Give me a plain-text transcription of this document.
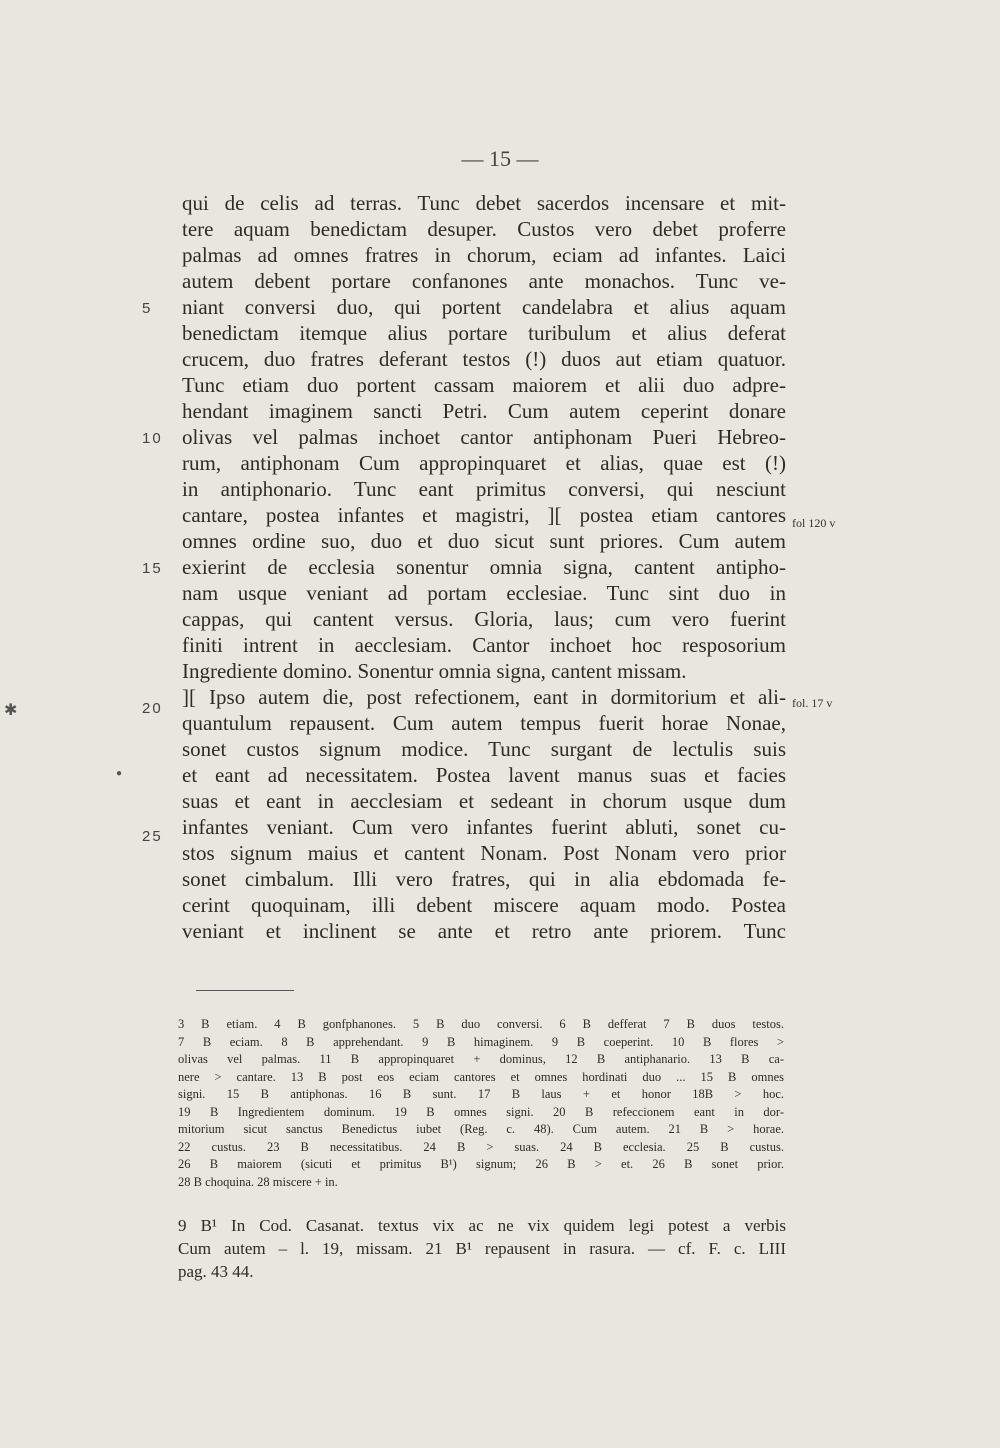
— 15 —
qui de celis ad terras. Tunc debet sacerdos incensare et mit-
tere aquam benedictam desuper. Custos vero debet proferre
palmas ad omnes fratres in chorum, eciam ad infantes. Laici
autem debent portare confanones ante monachos. Tunc ve-
niant conversi duo, qui portent candelabra et alius aquam
benedictam itemque alius portare turibulum et alius deferat
crucem, duo fratres deferant testos (!) duos aut etiam quatuor.
Tunc etiam duo portent cassam maiorem et alii duo adpre-
hendant imaginem sancti Petri. Cum autem ceperint donare
olivas vel palmas inchoet cantor antiphonam Pueri Hebreo-
rum, antiphonam Cum appropinquaret et alias, quae est (!)
in antiphonario. Tunc eant primitus conversi, qui nesciunt
cantare, postea infantes et magistri, ][ postea etiam cantores
omnes ordine suo, duo et duo sicut sunt priores. Cum autem
exierint de ecclesia sonentur omnia signa, cantent antipho-
nam usque veniant ad portam ecclesiae. Tunc sint duo in
cappas, qui cantent versus. Gloria, laus; cum vero fuerint
finiti intrent in aecclesiam. Cantor inchoet hoc resposorium
Ingrediente domino. Sonentur omnia signa, cantent missam.
][ Ipso autem die, post refectionem, eant in dormitorium et ali-
quantulum repausent. Cum autem tempus fuerit horae Nonae,
sonet custos signum modice. Tunc surgant de lectulis suis
et eant ad necessitatem. Postea lavent manus suas et facies
suas et eant in aecclesiam et sedeant in chorum usque dum
infantes veniant. Cum vero infantes fuerint abluti, sonet cu-
stos signum maius et cantent Nonam. Post Nonam vero prior
sonet cimbalum. Illi vero fratres, qui in alia ebdomada fe-
cerint quoquinam, illi debent miscere aquam modo. Postea
veniant et inclinent se ante et retro ante priorem. Tunc
5
10
15
20
25
fol 120 v
fol. 17 v
✱
●
3 B etiam. 4 B gonfphanones. 5 B duo conversi. 6 B defferat 7 B duos testos.
7 B eciam. 8 B apprehendant. 9 B himaginem. 9 B coeperint. 10 B flores >
olivas vel palmas. 11 B appropinquaret + dominus, 12 B antiphanario. 13 B ca-
nere > cantare. 13 B post eos eciam cantores et omnes hordinati duo ... 15 B omnes
signi. 15 B antiphonas. 16 B sunt. 17 B laus + et honor 18B > hoc.
19 B Ingredientem dominum. 19 B omnes signi. 20 B refeccionem eant in dor-
mitorium sicut sanctus Benedictus iubet (Reg. c. 48). Cum autem. 21 B > horae.
22 custus. 23 B necessitatibus. 24 B > suas. 24 B ecclesia. 25 B custus.
26 B maiorem (sicuti et primitus B¹) signum; 26 B > et. 26 B sonet prior.
28 B choquina. 28 miscere + in.
9 B¹ In Cod. Casanat. textus vix ac ne vix quidem legi potest a verbis
Cum autem – l. 19, missam. 21 B¹ repausent in rasura. — cf. F. c. LIII
pag. 43 44.
